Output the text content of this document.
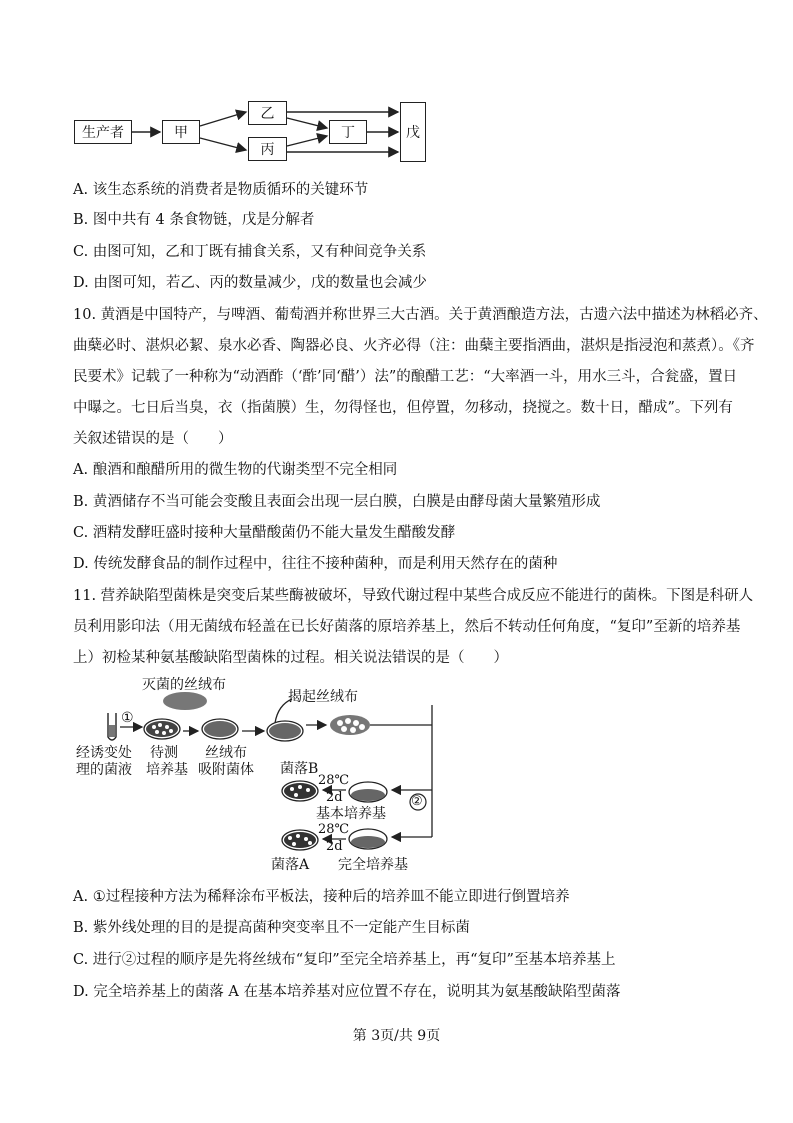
生产者	甲
乙
丙
丁	戊
A. 该生态系统的消费者是物质循环的关键环节
B. 图中共有 4 条食物链，戊是分解者
C. 由图可知，乙和丁既有捕食关系，又有种间竞争关系
D. 由图可知，若乙、丙的数量减少，戊的数量也会减少
10. 黄酒是中国特产，与啤酒、葡萄酒并称世界三大古酒。关于黄酒酿造方法，古遗六法中描述为林稻必齐、
曲蘖必时、湛炽必絜、泉水必香、陶器必良、火齐必得（注：曲蘖主要指酒曲，湛炽是指浸泡和蒸煮）。《齐
民要术》记载了一种称为“动酒酢（‘酢’同‘醋’）法”的酿醋工艺：“大率酒一斗，用水三斗，合瓮盛，置日
中曝之。七日后当臭，衣（指菌膜）生，勿得怪也，但停置，勿移动，挠搅之。数十日，醋成”。下列有
关叙述错误的是（　　）
A. 酿酒和酿醋所用的微生物的代谢类型不完全相同
B. 黄酒储存不当可能会变酸且表面会出现一层白膜，白膜是由酵母菌大量繁殖形成
C. 酒精发酵旺盛时接种大量醋酸菌仍不能大量发生醋酸发酵
D. 传统发酵食品的制作过程中，往往不接种菌种，而是利用天然存在的菌种
11. 营养缺陷型菌株是突变后某些酶被破坏，导致代谢过程中某些合成反应不能进行的菌株。下图是科研人
员利用影印法（用无菌绒布轻盖在已长好菌落的原培养基上，然后不转动任何角度，“复印”至新的培养基
上）初检某种氨基酸缺陷型菌株的过程。相关说法错误的是（　　）
灭菌的丝绒布
揭起丝绒布
①
②
经诱变处
理的菌液
待测
培养基
丝绒布
吸附菌体 菌落B
28℃
2d
基本培养基
28℃
2d
菌落A 完全培养基
A. ①过程接种方法为稀释涂布平板法，接种后的培养皿不能立即进行倒置培养
B. 紫外线处理的目的是提高菌种突变率且不一定能产生目标菌
C. 进行②过程的顺序是先将丝绒布“复印”至完全培养基上，再“复印”至基本培养基上
D. 完全培养基上的菌落 A 在基本培养基对应位置不存在，说明其为氨基酸缺陷型菌落
第 3页/共 9页
